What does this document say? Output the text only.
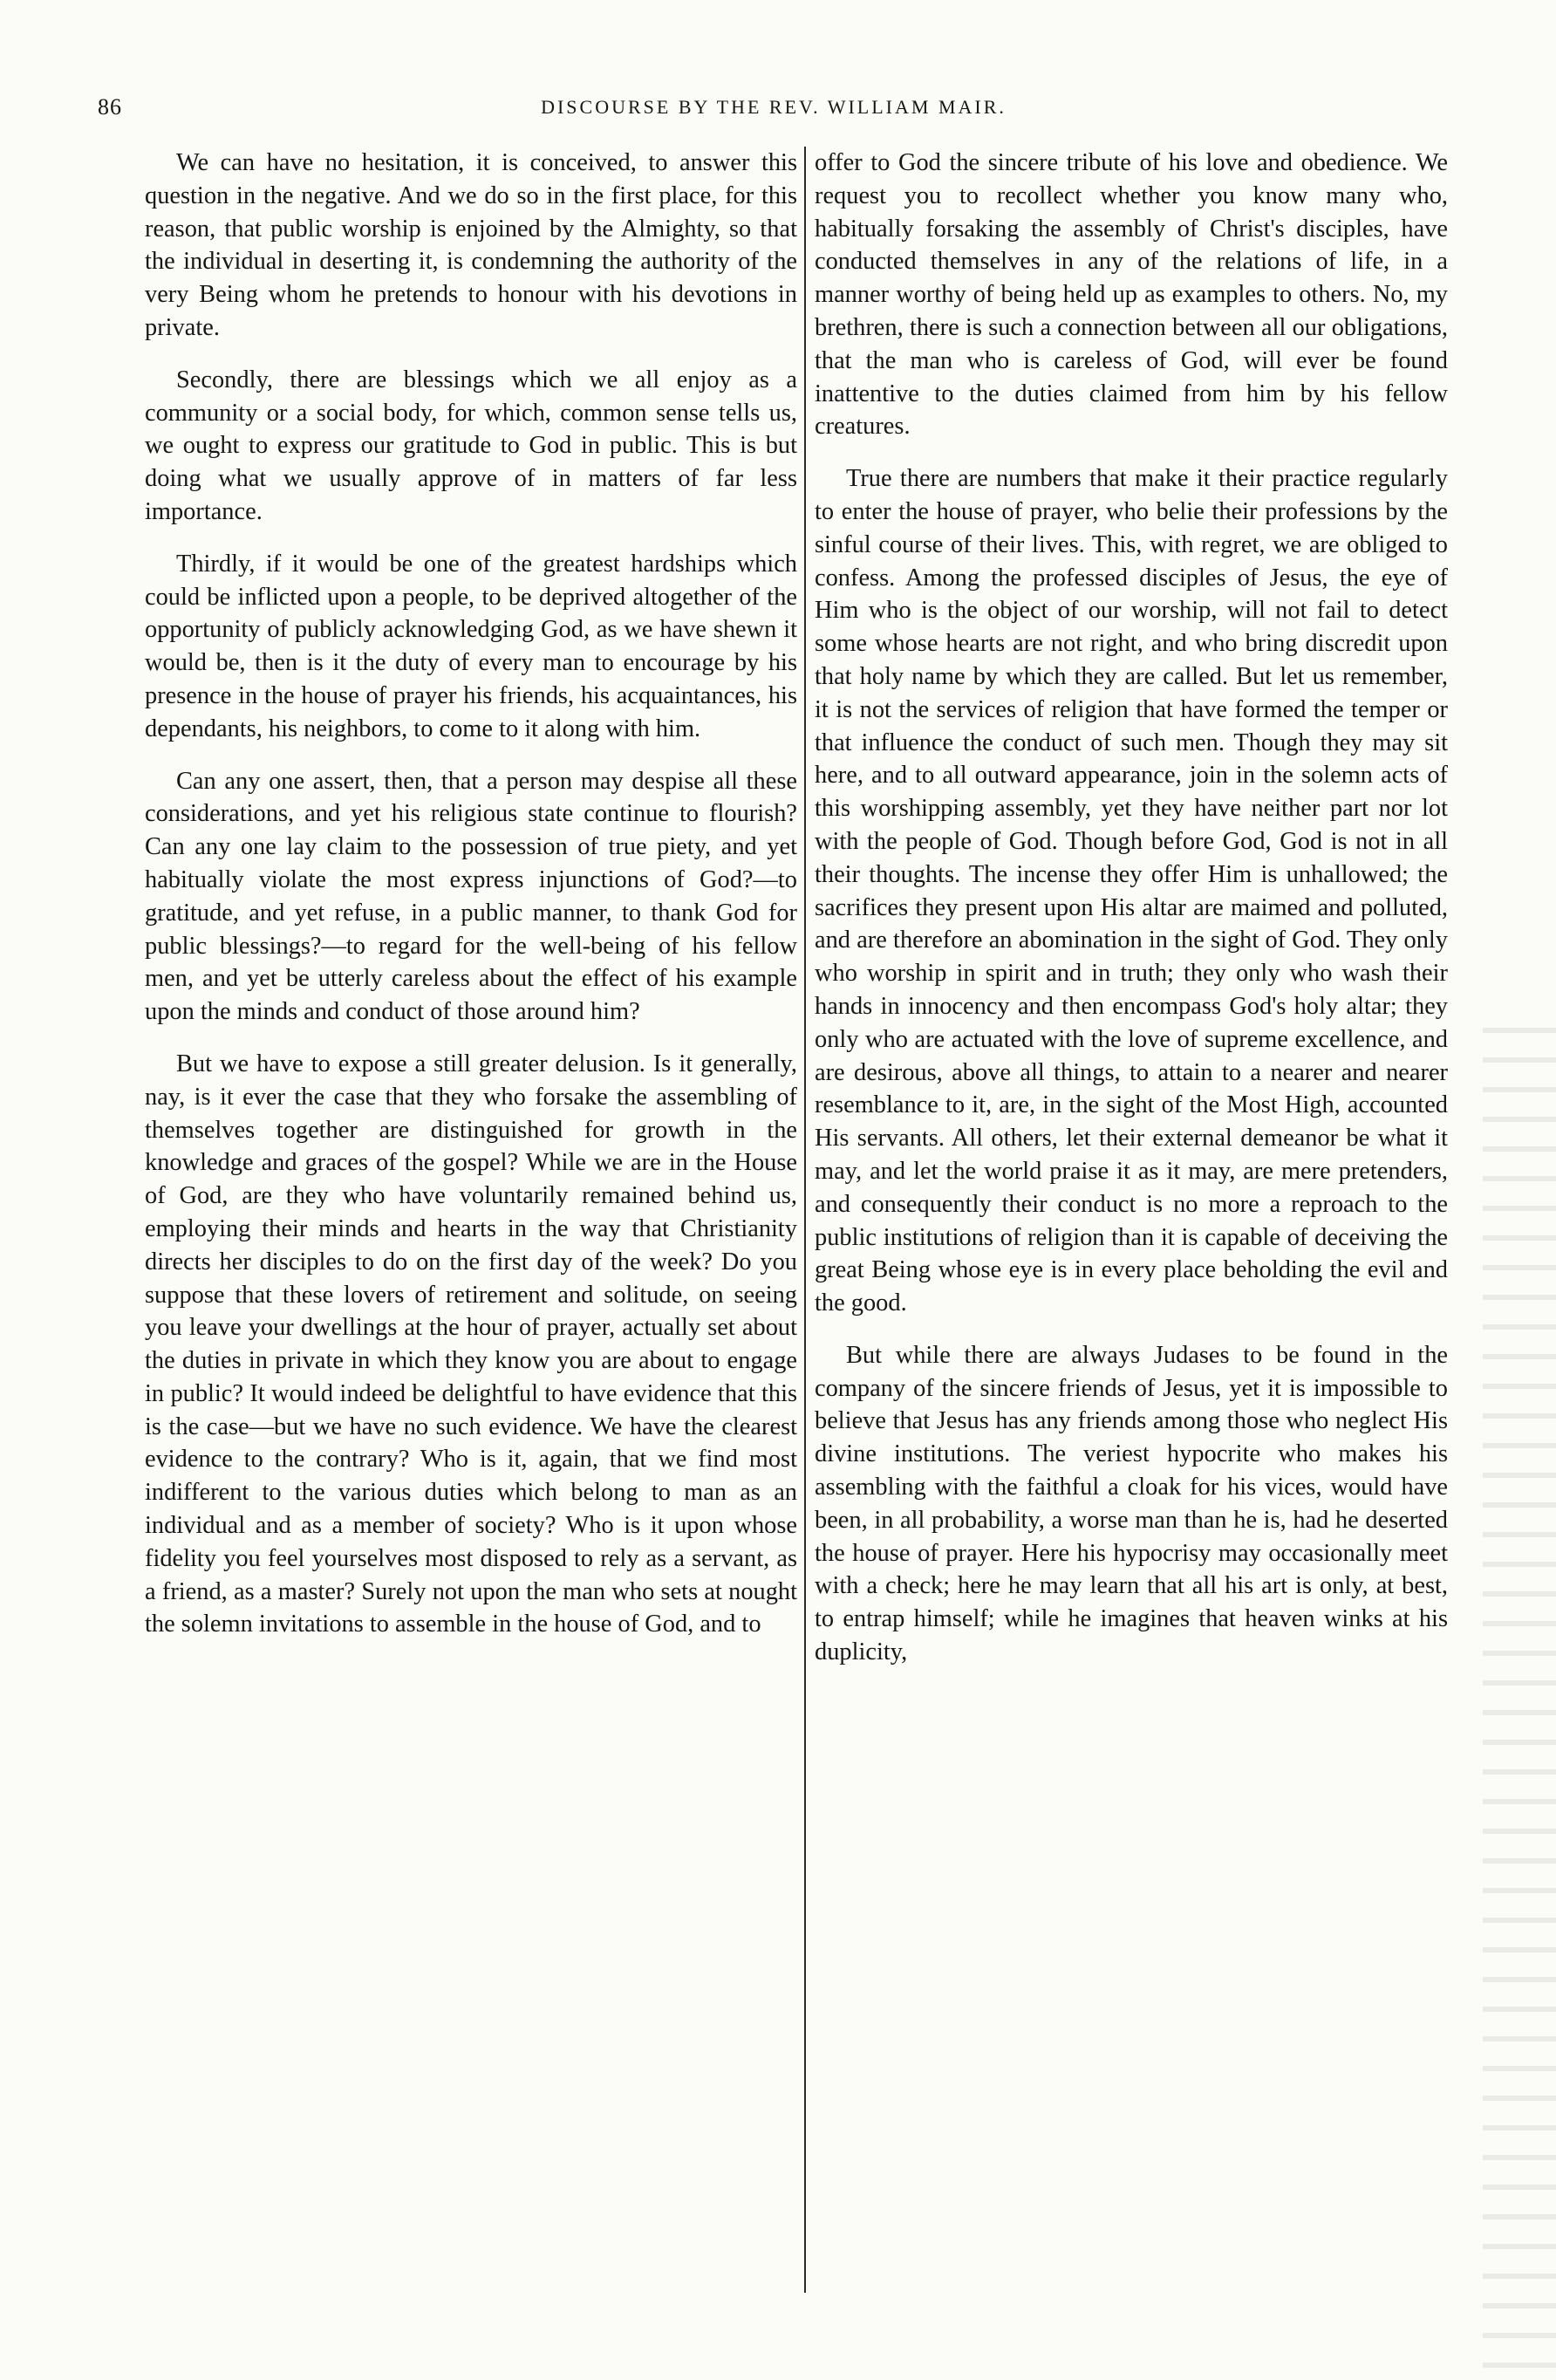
86	DISCOURSE BY THE REV. WILLIAM MAIR.

We can have no hesitation, it is conceived, to answer this question in the negative. And we do so in the first place, for this reason, that public worship is enjoined by the Almighty, so that the individual in deserting it, is condemning the authority of the very Being whom he pretends to honour with his devotions in private.

Secondly, there are blessings which we all enjoy as a community or a social body, for which, common sense tells us, we ought to express our gratitude to God in public. This is but doing what we usually approve of in matters of far less importance.

Thirdly, if it would be one of the greatest hardships which could be inflicted upon a people, to be deprived altogether of the opportunity of publicly acknowledging God, as we have shewn it would be, then is it the duty of every man to encourage by his presence in the house of prayer his friends, his acquaintances, his dependants, his neighbors, to come to it along with him.

Can any one assert, then, that a person may despise all these considerations, and yet his religious state continue to flourish? Can any one lay claim to the possession of true piety, and yet habitually violate the most express injunctions of God?—to gratitude, and yet refuse, in a public manner, to thank God for public blessings?—to regard for the well-being of his fellow men, and yet be utterly careless about the effect of his example upon the minds and conduct of those around him?

But we have to expose a still greater delusion. Is it generally, nay, is it ever the case that they who forsake the assembling of themselves together are distinguished for growth in the knowledge and graces of the gospel? While we are in the House of God, are they who have voluntarily remained behind us, employing their minds and hearts in the way that Christianity directs her disciples to do on the first day of the week? Do you suppose that these lovers of retirement and solitude, on seeing you leave your dwellings at the hour of prayer, actually set about the duties in private in which they know you are about to engage in public? It would indeed be delightful to have evidence that this is the case—but we have no such evidence. We have the clearest evidence to the contrary? Who is it, again, that we find most indifferent to the various duties which belong to man as an individual and as a member of society? Who is it upon whose fidelity you feel yourselves most disposed to rely as a servant, as a friend, as a master? Surely not upon the man who sets at nought the solemn invitations to assemble in the house of God, and to

offer to God the sincere tribute of his love and obedience. We request you to recollect whether you know many who, habitually forsaking the assembly of Christ's disciples, have conducted themselves in any of the relations of life, in a manner worthy of being held up as examples to others. No, my brethren, there is such a connection between all our obligations, that the man who is careless of God, will ever be found inattentive to the duties claimed from him by his fellow creatures.

True there are numbers that make it their practice regularly to enter the house of prayer, who belie their professions by the sinful course of their lives. This, with regret, we are obliged to confess. Among the professed disciples of Jesus, the eye of Him who is the object of our worship, will not fail to detect some whose hearts are not right, and who bring discredit upon that holy name by which they are called. But let us remember, it is not the services of religion that have formed the temper or that influence the conduct of such men. Though they may sit here, and to all outward appearance, join in the solemn acts of this worshipping assembly, yet they have neither part nor lot with the people of God. Though before God, God is not in all their thoughts. The incense they offer Him is unhallowed; the sacrifices they present upon His altar are maimed and polluted, and are therefore an abomination in the sight of God. They only who worship in spirit and in truth; they only who wash their hands in innocency and then encompass God's holy altar; they only who are actuated with the love of supreme excellence, and are desirous, above all things, to attain to a nearer and nearer resemblance to it, are, in the sight of the Most High, accounted His servants. All others, let their external demeanor be what it may, and let the world praise it as it may, are mere pretenders, and consequently their conduct is no more a reproach to the public institutions of religion than it is capable of deceiving the great Being whose eye is in every place beholding the evil and the good.

But while there are always Judases to be found in the company of the sincere friends of Jesus, yet it is impossible to believe that Jesus has any friends among those who neglect His divine institutions. The veriest hypocrite who makes his assembling with the faithful a cloak for his vices, would have been, in all probability, a worse man than he is, had he deserted the house of prayer. Here his hypocrisy may occasionally meet with a check; here he may learn that all his art is only, at best, to entrap himself; while he imagines that heaven winks at his duplicity,
